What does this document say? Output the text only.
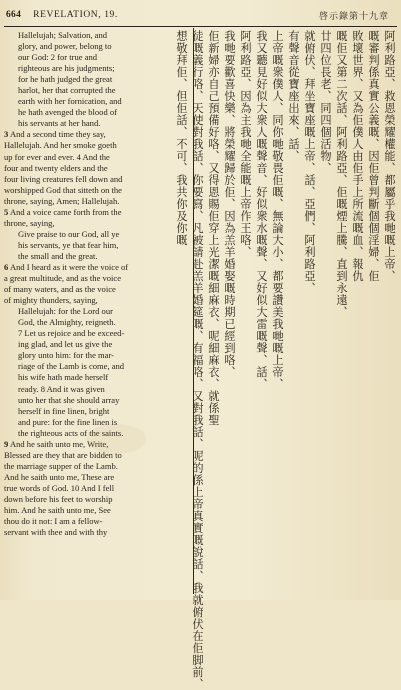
664 REVELATION, 19.	啓示錄第十九章

Hallelujah; Salvation, and

glory, and power, belong to

our God: 2 for true and

righteous are his judgments;

for he hath judged the great

harlot, her that corrupted the

earth with her fornication, and

he hath avenged the blood of

his servants at her hand.

3 And a second time they say,

Hallelujah. And her smoke goeth

up for ever and ever. 4 And the

four and twenty elders and the

four living creatures fell down and

worshipped God that sitteth on the

throne, saying, Amen; Hallelujah.

5 And a voice came forth from the

throne, saying,

Give praise to our God, all ye

his servants, ye that fear him,

the small and the great.

6 And I heard as it were the voice of

a great multitude, and as the voice

of many waters, and as the voice

of mighty thunders, saying,

Hallelujah: for the Lord our

God, the Almighty, reigneth.

7 Let us rejoice and be exceed-

ing glad, and let us give the

glory unto him: for the mar-

riage of the Lamb is come, and

his wife hath made herself

ready. 8 And it was given

unto her that she should array

herself in fine linen, bright

and pure: for the fine linen is

the righteous acts of the saints.

9 And he saith unto me, Write,

Blessed are they that are bidden to

the marriage supper of the Lamb.

And he saith unto me, These are

true words of God. 10 And I fell

down before his feet to worship

him. And he saith unto me, See

thou do it not: I am a fellow-

servant with thee and with thy

阿利路亞、救恩榮耀權能、都屬乎我哋嘅上帝、
嘅審判係真實公義嘅、因佢曾判斷個個淫婦、佢
敗壞世界、又為佢僕人由佢手上所流嘅血、報仇
嘅佢又第二次話、阿利路亞、佢嘅煙上騰、直到永遠、
廿四位長老、同四個活物、
就俯伏、拜坐寶座嘅上帝、話、亞們、阿利路亞、
有聲音從寶座出來、話、
上帝嘅衆僕人、同你哋敬畏佢嘅、無論大小、都要讚美我哋嘅上帝、
我又聽見好似大衆人嘅聲音、好似衆水嘅聲、又好似大雷嘅聲、話、
阿利路亞、因為主我哋全能嘅上帝作王咯、
我哋要歡喜快樂、將榮耀歸於佢、因為羔羊婚娶嘅時期已經到咯、
佢新婦亦自己預備好咯、又得恩賜佢穿上光潔嘅細麻衣、呢細麻衣、就係聖
徒嘅義行咯、天使對我話、你要寫、凡被請赴羔羊婚筵嘅、有福咯、又對我話、呢的係上帝真實嘅說話、我就俯伏在佢脚前、
想敬拜佢、但佢話、不可、我共你及你嘅
